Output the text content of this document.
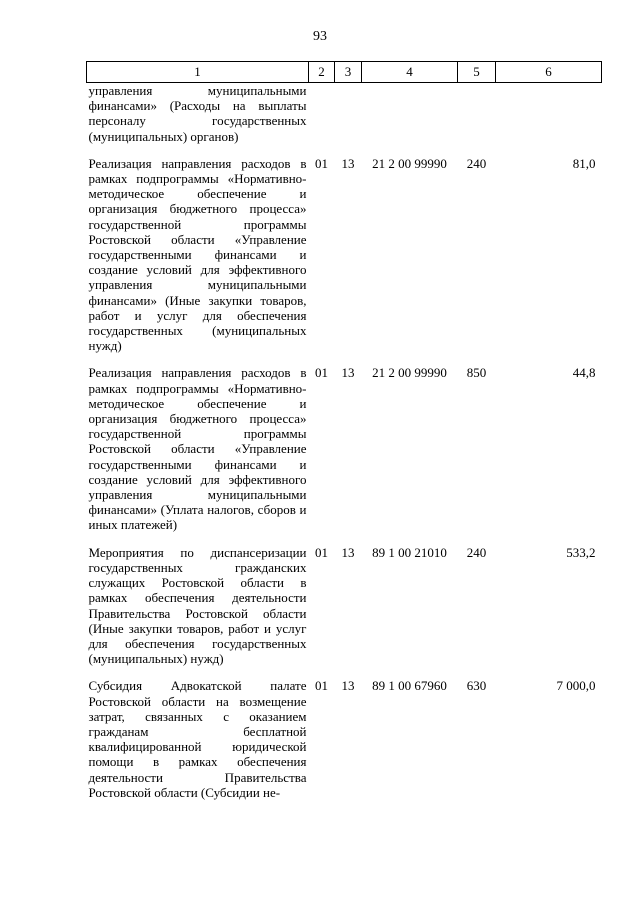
93
1	2	3	4	5	6
управления муниципальными финансами» (Расходы на выплаты персоналу государственных (муниципальных) органов)					
Реализация направления расходов в рамках подпрограммы «Нормативно-методическое обеспечение и организация бюджетного процесса» государственной программы Ростовской области «Управление государственными финансами и создание условий для эффективного управления муниципальными финансами» (Иные закупки товаров, работ и услуг для обеспечения государственных (муниципальных нужд)	01	13	21 2 00 99990	240	81,0
Реализация направления расходов в рамках подпрограммы «Нормативно-методическое обеспечение и организация бюджетного процесса» государственной программы Ростовской области «Управление государственными финансами и создание условий для эффективного управления муниципальными финансами» (Уплата налогов, сборов и иных платежей)	01	13	21 2 00 99990	850	44,8
Мероприятия по диспансеризации государственных гражданских служащих Ростовской области в рамках обеспечения деятельности Правительства Ростовской области (Иные закупки товаров, работ и услуг для обеспечения государственных (муниципальных) нужд)	01	13	89 1 00 21010	240	533,2
Субсидия Адвокатской палате Ростовской области на возмещение затрат, связанных с оказанием гражданам бесплатной квалифицированной юридической помощи в рамках обеспечения деятельности Правительства Ростовской области (Субсидии не-	01	13	89 1 00 67960	630	7 000,0
